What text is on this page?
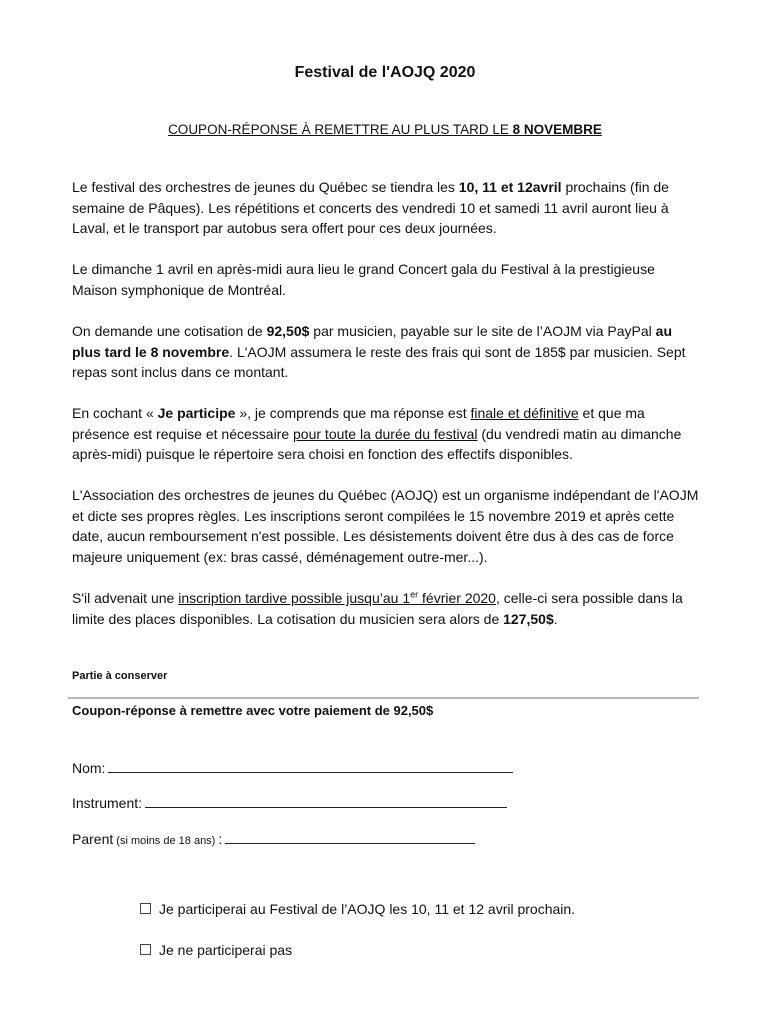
Festival de l'AOJQ 2020
COUPON-RÉPONSE À REMETTRE AU PLUS TARD LE 8 NOVEMBRE
Le festival des orchestres de jeunes du Québec se tiendra les 10, 11 et 12avril prochains (fin de semaine de Pâques). Les répétitions et concerts des vendredi 10 et samedi 11 avril auront lieu à Laval, et le transport par autobus sera offert pour ces deux journées.
Le dimanche 1 avril en après-midi aura lieu le grand Concert gala du Festival à la prestigieuse Maison symphonique de Montréal.
On demande une cotisation de 92,50$ par musicien, payable sur le site de l’AOJM via PayPal au plus tard le 8 novembre. L'AOJM assumera le reste des frais qui sont de 185$ par musicien. Sept repas sont inclus dans ce montant.
En cochant « Je participe », je comprends que ma réponse est finale et définitive et que ma présence est requise et nécessaire pour toute la durée du festival (du vendredi matin au dimanche après-midi) puisque le répertoire sera choisi en fonction des effectifs disponibles.
L'Association des orchestres de jeunes du Québec (AOJQ) est un organisme indépendant de l'AOJM et dicte ses propres règles. Les inscriptions seront compilées le 15 novembre 2019 et après cette date, aucun remboursement n'est possible. Les désistements doivent être dus à des cas de force majeure uniquement (ex: bras cassé, déménagement outre-mer...).
S'il advenait une inscription tardive possible jusqu’au 1er février 2020, celle-ci sera possible dans la limite des places disponibles. La cotisation du musicien sera alors de 127,50$.
Partie à conserver
Coupon-réponse à remettre avec votre paiement de 92,50$
Nom:
Instrument:
Parent (si moins de 18 ans) :
Je participerai au Festival de l’AOJQ les 10, 11 et 12 avril prochain.
Je ne participerai pas
